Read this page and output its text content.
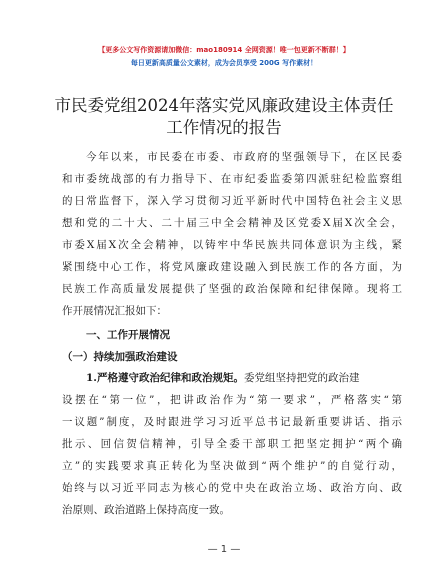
【更多公文写作资源请加微信：mao180914 全网资源！唯一包更新不断群！】
每日更新高质量公文素材，成为会员享受 200G 写作素材！
市民委党组2024年落实党风廉政建设主体责任
工作情况的报告
今年以来，市民委在市委、市政府的坚强领导下，在区民委
和市委统战部的有力指导下、在市纪委监委第四派驻纪检监察组
的日常监督下，深入学习贯彻习近平新时代中国特色社会主义思
想和党的二十大、二十届三中全会精神及区党委X届X次全会，
市委X届X次全会精神，以铸牢中华民族共同体意识为主线，紧
紧围绕中心工作，将党风廉政建设融入到民族工作的各方面，为
民族工作高质量发展提供了坚强的政治保障和纪律保障。现将工
作开展情况汇报如下：
一、工作开展情况
（一）持续加强政治建设
1.严格遵守政治纪律和政治规矩。委党组坚持把党的政治建
设摆在“第一位”，把讲政治作为“第一要求”，严格落实“第
一议题”制度，及时跟进学习习近平总书记最新重要讲话、指示
批示、回信贺信精神，引导全委干部职工把坚定拥护“两个确
立”的实践要求真正转化为坚决做到“两个维护”的自觉行动，
始终与以习近平同志为核心的党中央在政治立场、政治方向、政
治原则、政治道路上保持高度一致。
— 1 —
